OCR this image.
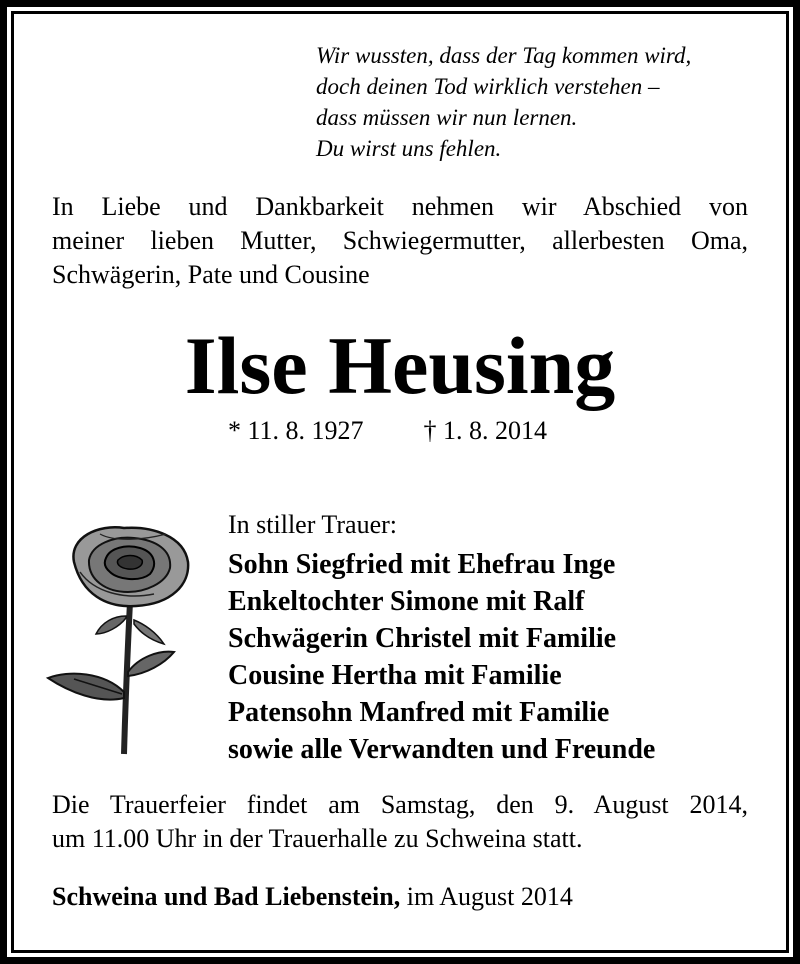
Wir wussten, dass der Tag kommen wird,
doch deinen Tod wirklich verstehen –
dass müssen wir nun lernen.
Du wirst uns fehlen.
In Liebe und Dankbarkeit nehmen wir Abschied von
meiner lieben Mutter, Schwiegermutter, allerbesten Oma,
Schwägerin, Pate und Cousine
Ilse Heusing
* 11. 8. 1927 † 1. 8. 2014
In stiller Trauer:
Sohn Siegfried mit Ehefrau Inge
Enkeltochter Simone mit Ralf
Schwägerin Christel mit Familie
Cousine Hertha mit Familie
Patensohn Manfred mit Familie
sowie alle Verwandten und Freunde
Die Trauerfeier findet am Samstag, den 9. August 2014,
um 11.00 Uhr in der Trauerhalle zu Schweina statt.
Schweina und Bad Liebenstein, im August 2014
